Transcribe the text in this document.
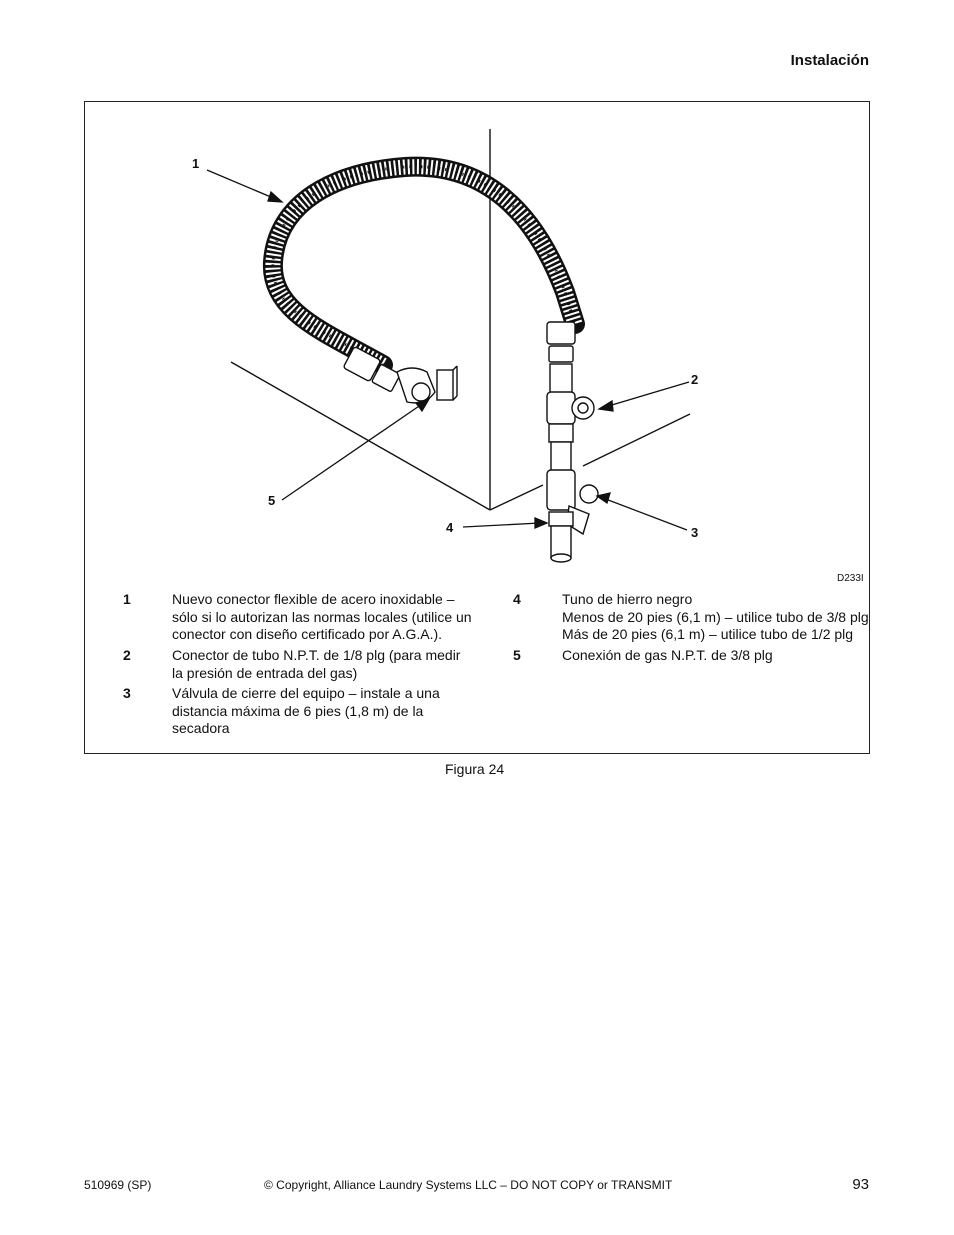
Instalación
1
2
3
4
5
D233I
1	Nuevo conector flexible de acero inoxidable –
sólo si lo autorizan las normas locales (utilice un
conector con diseño certificado por A.G.A.).
2	Conector de tubo N.P.T. de 1/8 plg (para medir
la presión de entrada del gas)
3	Válvula de cierre del equipo – instale a una
distancia máxima de 6 pies (1,8 m) de la
secadora
4	Tuno de hierro negro
Menos de 20 pies (6,1 m) – utilice tubo de 3/8 plg
Más de 20 pies (6,1 m) – utilice tubo de 1/2 plg
5	Conexión de gas N.P.T. de 3/8 plg
Figura 24
510969 (SP)	© Copyright, Alliance Laundry Systems LLC – DO NOT COPY or TRANSMIT	93
